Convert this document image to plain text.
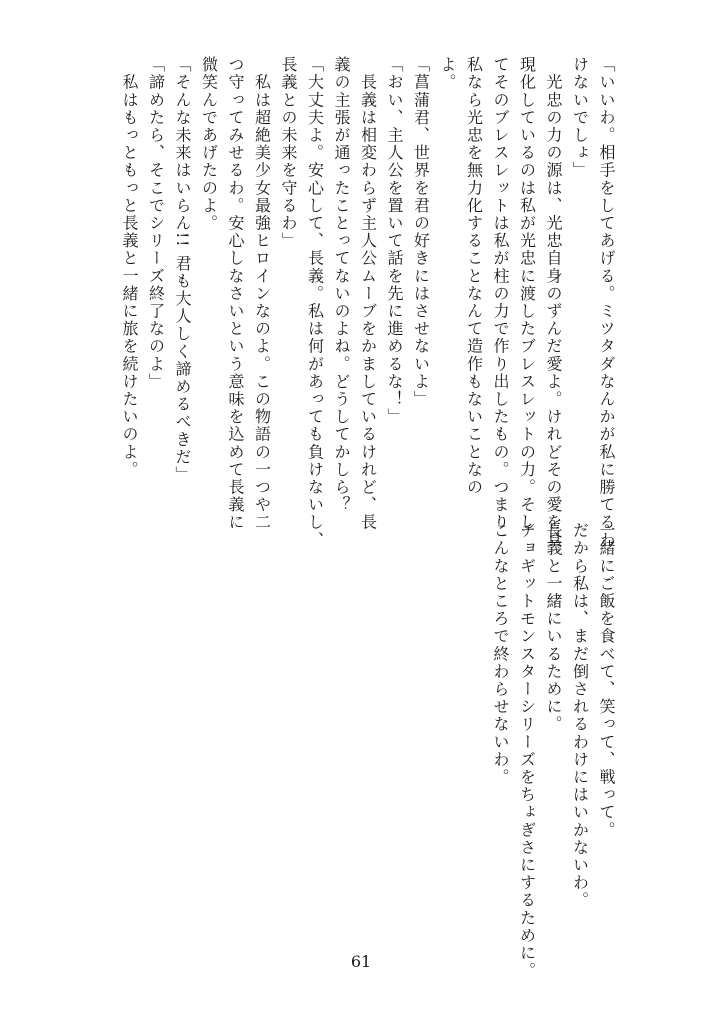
「いいわ。相手をしてあげる。ミツタダなんかが私に勝てるわ
けないでしょ」
　光忠の力の源は、光忠自身のずんだ愛よ。けれどその愛を具
現化しているのは私が光忠に渡したブレスレットの力。そし
てそのブレスレットは私が柱の力で作り出したもの。つまり
私なら光忠を無力化することなんて造作もないことなの
よ。
「菖蒲君、世界を君の好きにはさせないよ」
「おい、主人公を置いて話を先に進めるな！」
　長義は相変わらず主人公ムーブをかましているけれど、長
義の主張が通ったことってないのよね。どうしてかしら？
「大丈夫よ。安心して、長義。私は何があっても負けないし、
長義との未来を守るわ」
　私は超絶美少女最強ヒロインなのよ。この物語の一つや二
つ守ってみせるわ。安心しなさいという意味を込めて長義に
微笑んであげたのよ。
「そんな未来はいらん!! 君も大人しく諦めるべきだ」
「諦めたら、そこでシリーズ終了なのよ」
　私はもっともっと長義と一緒に旅を続けたいのよ。
一緒にご飯を食べて、笑って、戦って。
だから私は、まだ倒されるわけにはいかないわ。
長義と一緒にいるために。
チョギットモンスターシリーズをちょぎさにするために。
こんなところで終わらせないわ。
61
